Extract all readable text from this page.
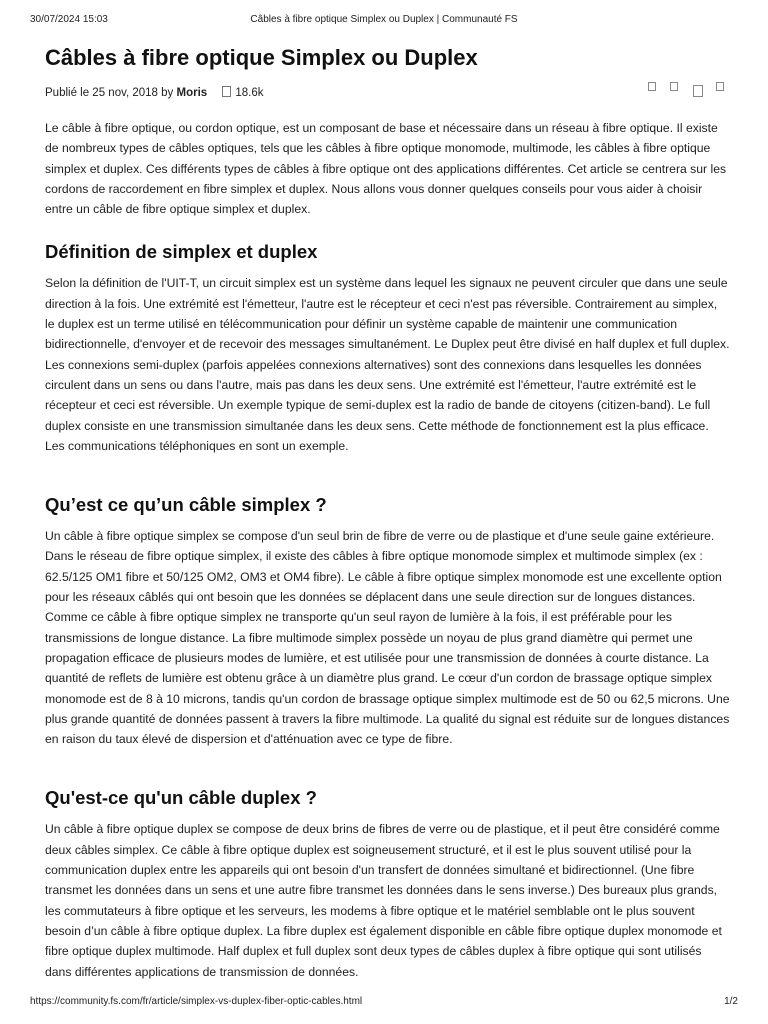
30/07/2024 15:03	Câbles à fibre optique Simplex ou Duplex | Communauté FS
Câbles à fibre optique Simplex ou Duplex
Publié le 25 nov, 2018 by Moris 18.6k

Le câble à fibre optique, ou cordon optique, est un composant de base et nécessaire dans un réseau à fibre optique. Il existe de nombreux types de câbles optiques, tels que les câbles à fibre optique monomode, multimode, les câbles à fibre optique simplex et duplex. Ces différents types de câbles à fibre optique ont des applications différentes. Cet article se centrera sur les cordons de raccordement en fibre simplex et duplex. Nous allons vous donner quelques conseils pour vous aider à choisir entre un câble de fibre optique simplex et duplex.

Définition de simplex et duplex

Selon la définition de l'UIT-T, un circuit simplex est un système dans lequel les signaux ne peuvent circuler que dans une seule direction à la fois. Une extrémité est l'émetteur, l'autre est le récepteur et ceci n'est pas réversible. Contrairement au simplex, le duplex est un terme utilisé en télécommunication pour définir un système capable de maintenir une communication bidirectionnelle, d'envoyer et de recevoir des messages simultanément. Le Duplex peut être divisé en half duplex et full duplex. Les connexions semi-duplex (parfois appelées connexions alternatives) sont des connexions dans lesquelles les données circulent dans un sens ou dans l'autre, mais pas dans les deux sens. Une extrémité est l'émetteur, l'autre extrémité est le récepteur et ceci est réversible. Un exemple typique de semi-duplex est la radio de bande de citoyens (citizen-band). Le full duplex consiste en une transmission simultanée dans les deux sens. Cette méthode de fonctionnement est la plus efficace. Les communications téléphoniques en sont un exemple.

Qu’est ce qu’un câble simplex ?

Un câble à fibre optique simplex se compose d'un seul brin de fibre de verre ou de plastique et d'une seule gaine extérieure. Dans le réseau de fibre optique simplex, il existe des câbles à fibre optique monomode simplex et multimode simplex (ex : 62.5/125 OM1 fibre et 50/125 OM2, OM3 et OM4 fibre). Le câble à fibre optique simplex monomode est une excellente option pour les réseaux câblés qui ont besoin que les données se déplacent dans une seule direction sur de longues distances. Comme ce câble à fibre optique simplex ne transporte qu'un seul rayon de lumière à la fois, il est préférable pour les transmissions de longue distance. La fibre multimode simplex possède un noyau de plus grand diamètre qui permet une propagation efficace de plusieurs modes de lumière, et est utilisée pour une transmission de données à courte distance. La quantité de reflets de lumière est obtenu grâce à un diamètre plus grand. Le cœur d'un cordon de brassage optique simplex monomode est de 8 à 10 microns, tandis qu'un cordon de brassage optique simplex multimode est de 50 ou 62,5 microns. Une plus grande quantité de données passent à travers la fibre multimode. La qualité du signal est réduite sur de longues distances en raison du taux élevé de dispersion et d'atténuation avec ce type de fibre.

Qu'est-ce qu'un câble duplex ?

Un câble à fibre optique duplex se compose de deux brins de fibres de verre ou de plastique, et il peut être considéré comme deux câbles simplex. Ce câble à fibre optique duplex est soigneusement structuré, et il est le plus souvent utilisé pour la communication duplex entre les appareils qui ont besoin d'un transfert de données simultané et bidirectionnel. (Une fibre transmet les données dans un sens et une autre fibre transmet les données dans le sens inverse.) Des bureaux plus grands, les commutateurs à fibre optique et les serveurs, les modems à fibre optique et le matériel semblable ont le plus souvent besoin d’un câble à fibre optique duplex. La fibre duplex est également disponible en câble fibre optique duplex monomode et fibre optique duplex multimode. Half duplex et full duplex sont deux types de câbles duplex à fibre optique qui sont utilisés dans différentes applications de transmission de données.

https://community.fs.com/fr/article/simplex-vs-duplex-fiber-optic-cables.html	1/2
